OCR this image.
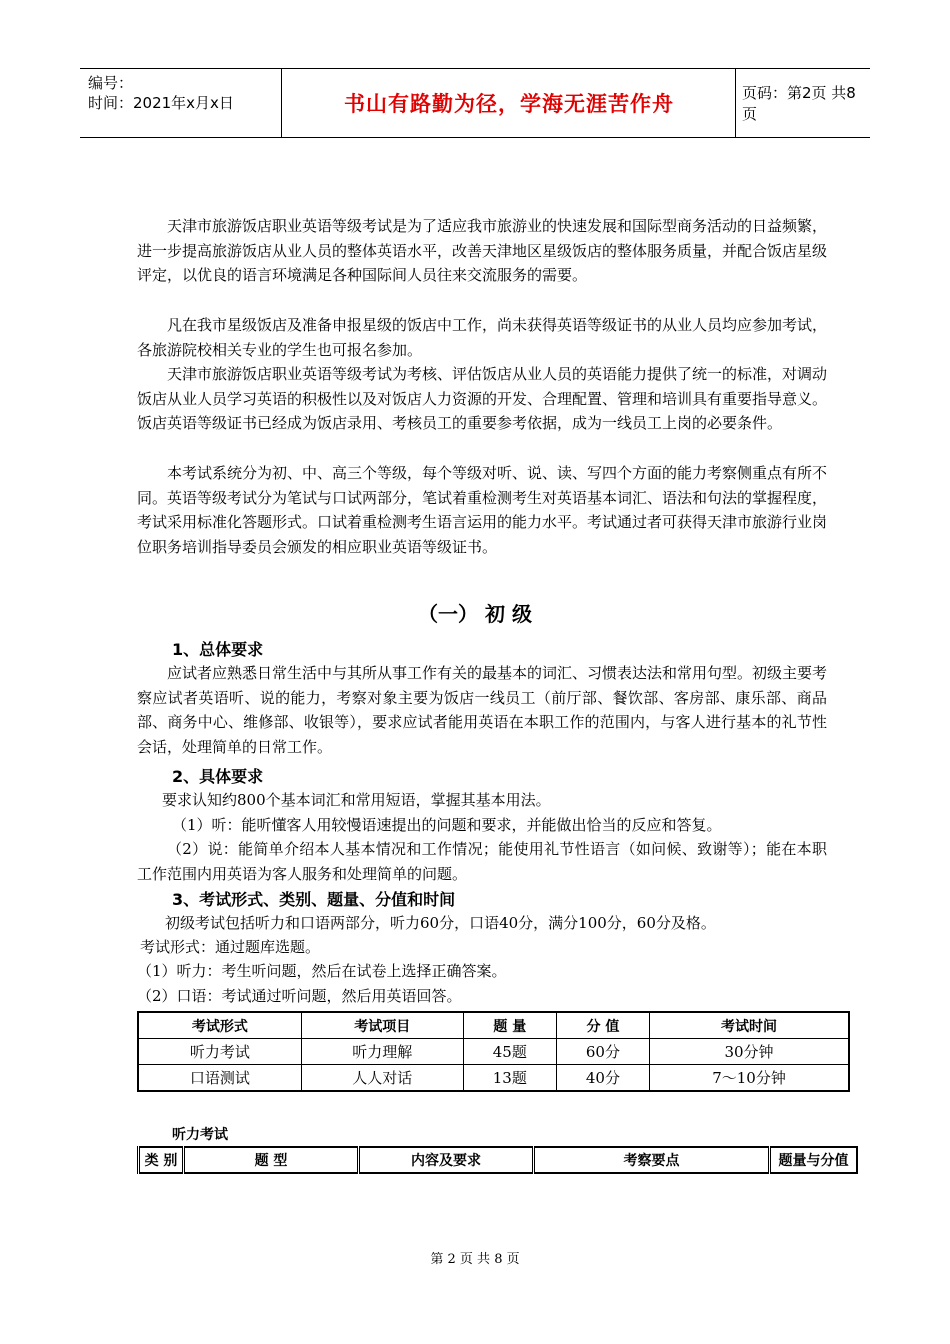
编号：
时间：2021年x月x日	书山有路勤为径，学海无涯苦作舟	页码：第2页 共8页

天津市旅游饭店职业英语等级考试是为了适应我市旅游业的快速发展和国际型商务活动的日益频繁，进一步提高旅游饭店从业人员的整体英语水平，改善天津地区星级饭店的整体服务质量，并配合饭店星级评定，以优良的语言环境满足各种国际间人员往来交流服务的需要。

凡在我市星级饭店及准备申报星级的饭店中工作，尚未获得英语等级证书的从业人员均应参加考试，各旅游院校相关专业的学生也可报名参加。

天津市旅游饭店职业英语等级考试为考核、评估饭店从业人员的英语能力提供了统一的标准，对调动饭店从业人员学习英语的积极性以及对饭店人力资源的开发、合理配置、管理和培训具有重要指导意义。饭店英语等级证书已经成为饭店录用、考核员工的重要参考依据，成为一线员工上岗的必要条件。

本考试系统分为初、中、高三个等级，每个等级对听、说、读、写四个方面的能力考察侧重点有所不同。英语等级考试分为笔试与口试两部分，笔试着重检测考生对英语基本词汇、语法和句法的掌握程度，考试采用标准化答题形式。口试着重检测考生语言运用的能力水平。考试通过者可获得天津市旅游行业岗位职务培训指导委员会颁发的相应职业英语等级证书。

（一） 初 级
1、总体要求

应试者应熟悉日常生活中与其所从事工作有关的最基本的词汇、习惯表达法和常用句型。初级主要考察应试者英语听、说的能力，考察对象主要为饭店一线员工（前厅部、餐饮部、客房部、康乐部、商品部、商务中心、维修部、收银等），要求应试者能用英语在本职工作的范围内，与客人进行基本的礼节性会话，处理简单的日常工作。

2、具体要求

要求认知约800个基本词汇和常用短语，掌握其基本用法。

（1）听：能听懂客人用较慢语速提出的问题和要求，并能做出恰当的反应和答复。

（2）说：能简单介绍本人基本情况和工作情况；能使用礼节性语言（如问候、致谢等）；能在本职工作范围内用英语为客人服务和处理简单的问题。

3、考试形式、类别、题量、分值和时间

初级考试包括听力和口语两部分，听力60分，口语40分，满分100分，60分及格。

考试形式：通过题库选题。

（1）听力：考生听问题，然后在试卷上选择正确答案。

（2）口语：考试通过听问题，然后用英语回答。

考试形式	考试项目	题 量	分 值	考试时间
听力考试	听力理解	45题	60分	30分钟
口语测试	人人对话	13题	40分	7～10分钟
听力考试
类 别	题 型	内容及要求	考察要点	题量与分值
第 2 页 共 8 页
